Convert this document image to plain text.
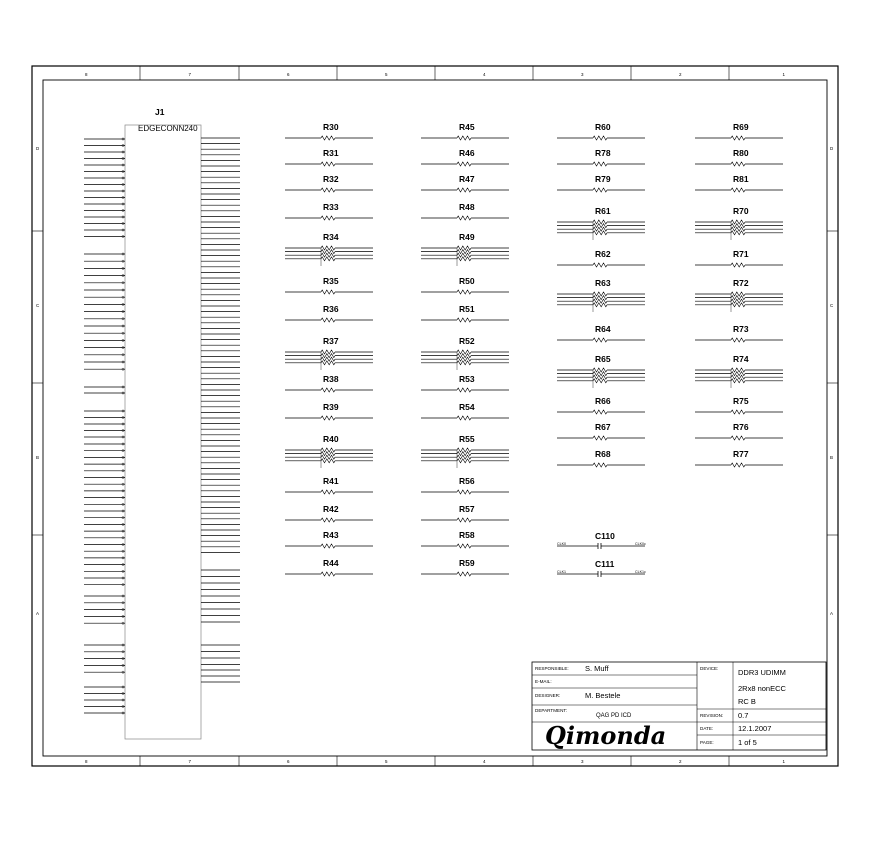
8
8
7
7
6
6
5
5
4
4
3
3
2
2
1
1
D	D
C	C
B	B
A	A
J1
EDGECONN240	R30
R31
R32
R33
R34
R35
R36
R37
R38
R39
R40
R41
R42
R43
R44
R45
R46
R47
R48
R49
R50
R51
R52
R53
R54
R55
R56
R57
R58
R59
R60
R78
R79
R61
R62
R63
R64
R65
R66
R67
R68
R69
R80
R81
R70
R71
R72
R73
R74
R75
R76
R77
CLK0	CLK0c
C110
CLK1	CLK1c
C111
RESPONSIBLE: S. Muff
E-MAIL:
DESIGNER:	M. Bestele
DEPARTMENT:
QAG PD ICD
Qimonda
DEVICE:	DDR3 UDIMM
2Rx8 nonECC
RC B
REVISION: 0.7
DATE:	12.1.2007
PAGE:	1 of 5
